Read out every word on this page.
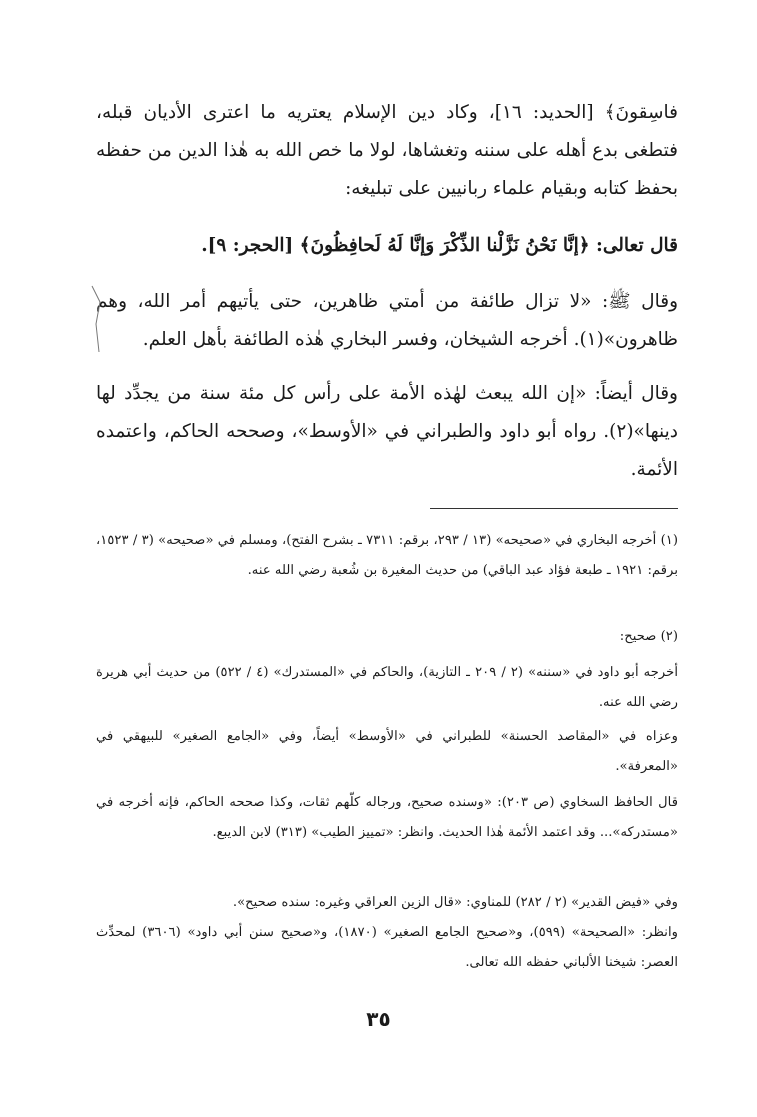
فاسِقونَ﴾ [الحديد: ١٦]، وكاد دين الإسلام يعتريه ما اعترى الأديان قبله، فتطغى بدع أهله على سننه وتغشاها، لولا ما خص الله به هٰذا الدين من حفظه بحفظ كتابه وبقيام علماء ربانيين على تبليغه:

قال تعالى: ﴿إنَّا نَحْنُ نَزَّلْنا الذِّكْرَ وَإنَّا لَهُ لَحافِظُونَ﴾ [الحجر: ٩].

وقال ﷺ: «لا تزال طائفة من أمتي ظاهرين، حتى يأتيهم أمر الله، وهم ظاهرون»(١). أخرجه الشيخان، وفسر البخاري هٰذه الطائفة بأهل العلم.

وقال أيضاً: «إن الله يبعث لهٰذه الأمة على رأس كل مئة سنة من يجدِّد لها دينها»(٢). رواه أبو داود والطبراني في «الأوسط»، وصححه الحاكم، واعتمده الأئمة.

(١) أخرجه البخاري في «صحيحه» (١٣ / ٢٩٣، برقم: ٧٣١١ ـ بشرح الفتح)، ومسلم في «صحيحه» (٣ / ١٥٢٣، برقم: ١٩٢١ ـ طبعة فؤاد عبد الباقي) من حديث المغيرة بن شُعبة رضي الله عنه.

(٢) صحيح:

أخرجه أبو داود في «سننه» (٢ / ٢٠٩ ـ التازية)، والحاكم في «المستدرك» (٤ / ٥٢٢) من حديث أبي هريرة رضي الله عنه.

وعزاه في «المقاصد الحسنة» للطبراني في «الأوسط» أيضاً، وفي «الجامع الصغير» للبيهقي في «المعرفة».

قال الحافظ السخاوي (ص ٢٠٣): «وسنده صحيح، ورجاله كلّهم ثقات، وكذا صححه الحاكم، فإنه أخرجه في «مستدركه»... وقد اعتمد الأئمة هٰذا الحديث. وانظر: «تمييز الطيب» (٣١٣) لابن الديبع.

وفي «فيض القدير» (٢ / ٢٨٢) للمناوي: «قال الزين العراقي وغيره: سنده صحيح».

وانظر: «الصحيحة» (٥٩٩)، و«صحيح الجامع الصغير» (١٨٧٠)، و«صحيح سنن أبي داود» (٣٦٠٦) لمحدِّث العصر: شيخنا الألباني حفظه الله تعالى.

٣٥
